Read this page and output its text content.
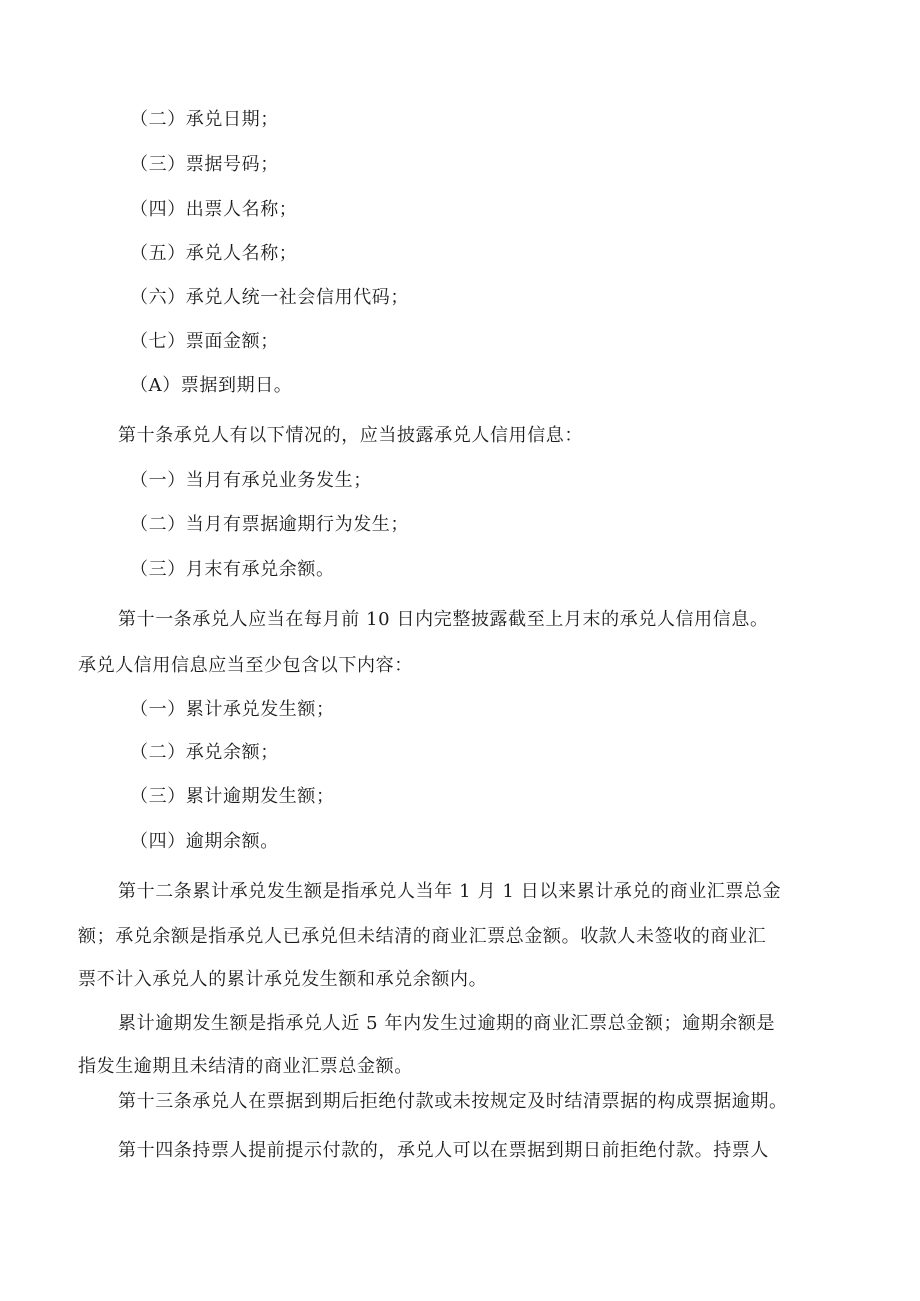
（二）承兑日期；
（三）票据号码；
（四）出票人名称；
（五）承兑人名称；
（六）承兑人统一社会信用代码；
（七）票面金额；
（A）票据到期日。
第十条承兑人有以下情况的，应当披露承兑人信用信息：
（一）当月有承兑业务发生；
（二）当月有票据逾期行为发生；
（三）月末有承兑余额。
第十一条承兑人应当在每月前 10 日内完整披露截至上月末的承兑人信用信息。
承兑人信用信息应当至少包含以下内容：
（一）累计承兑发生额；
（二）承兑余额；
（三）累计逾期发生额；
（四）逾期余额。
第十二条累计承兑发生额是指承兑人当年 1 月 1 日以来累计承兑的商业汇票总金
额；承兑余额是指承兑人已承兑但未结清的商业汇票总金额。收款人未签收的商业汇
票不计入承兑人的累计承兑发生额和承兑余额内。
累计逾期发生额是指承兑人近 5 年内发生过逾期的商业汇票总金额；逾期余额是
指发生逾期且未结清的商业汇票总金额。
第十三条承兑人在票据到期后拒绝付款或未按规定及时结清票据的构成票据逾期。
第十四条持票人提前提示付款的，承兑人可以在票据到期日前拒绝付款。持票人
